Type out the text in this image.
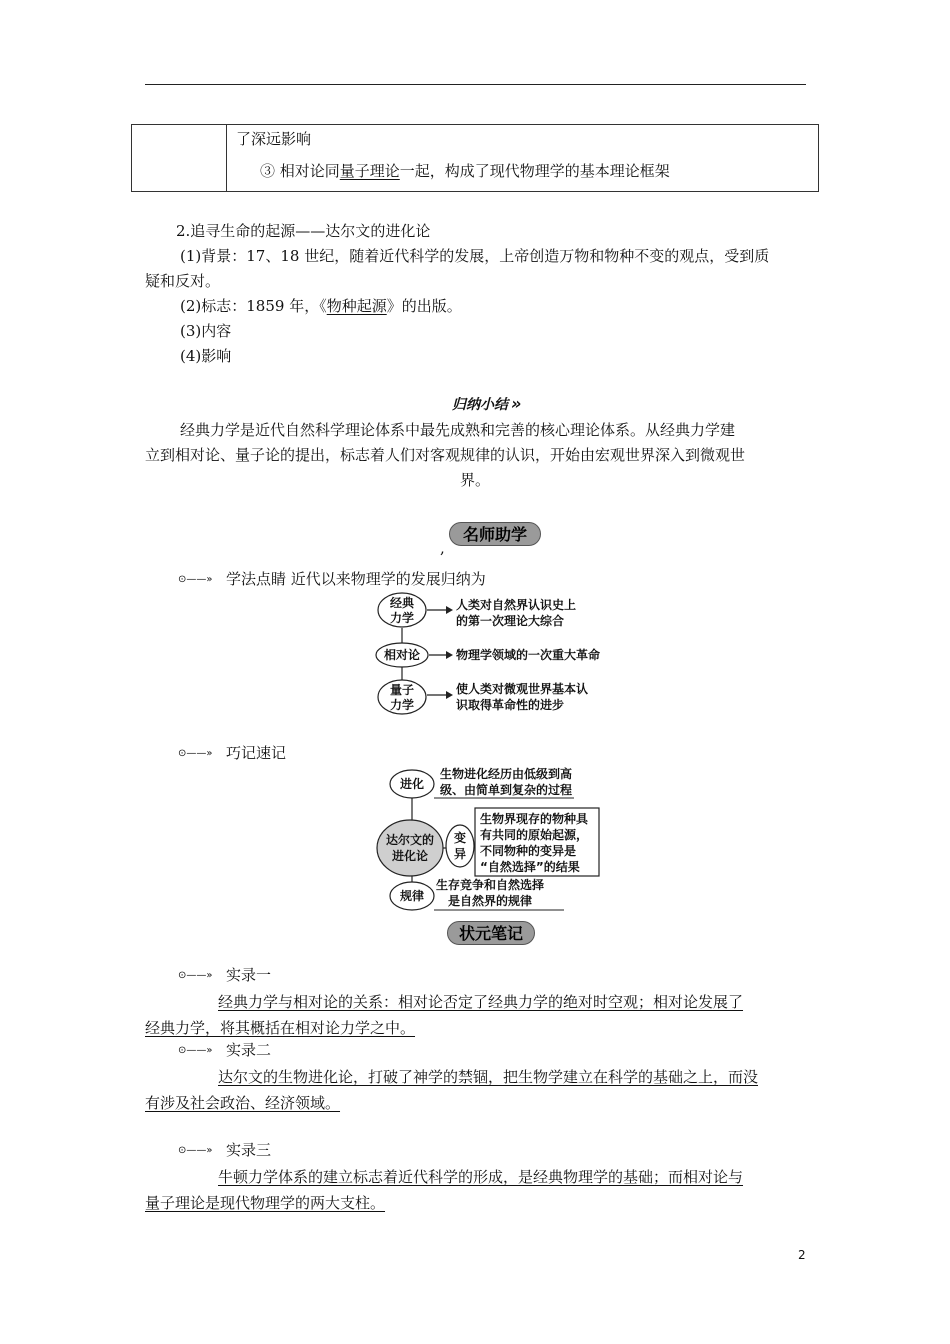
了深远影响
③ 相对论同量子理论一起，构成了现代物理学的基本理论框架
2.追寻生命的起源——达尔文的进化论
(1)背景：17、18 世纪，随着近代科学的发展，上帝创造万物和物种不变的观点，受到质
疑和反对。
(2)标志：1859 年，《物种起源》的出版。
(3)内容
(4)影响
归纳小结 »
经典力学是近代自然科学理论体系中最先成熟和完善的核心理论体系。从经典力学建
立到相对论、量子论的提出，标志着人们对客观规律的认识，开始由宏观世界深入到微观世
界。
名师助学
,
⊙——» 学法点睛 近代以来物理学的发展归纳为
经典
力学
人类对自然界认识史上
的第一次理论大综合
相对论	物理学领域的一次重大革命
量子
力学
使人类对微观世界基本认
识取得革命性的进步
⊙——» 巧记速记
进化
生物进化经历由低级到高
级、由简单到复杂的过程
达尔文的
进化论
变
异
生物界现存的物种具
有共同的原始起源，
不同物种的变异是
“自然选择”的结果
规律
生存竞争和自然选择
是自然界的规律
状元笔记
⊙——» 实录一
经典力学与相对论的关系：相对论否定了经典力学的绝对时空观；相对论发展了
经典力学，将其概括在相对论力学之中。
⊙——» 实录二
达尔文的生物进化论，打破了神学的禁锢，把生物学建立在科学的基础之上，而没
有涉及社会政治、经济领域。
⊙——» 实录三
牛顿力学体系的建立标志着近代科学的形成，是经典物理学的基础；而相对论与
量子理论是现代物理学的两大支柱。
2
